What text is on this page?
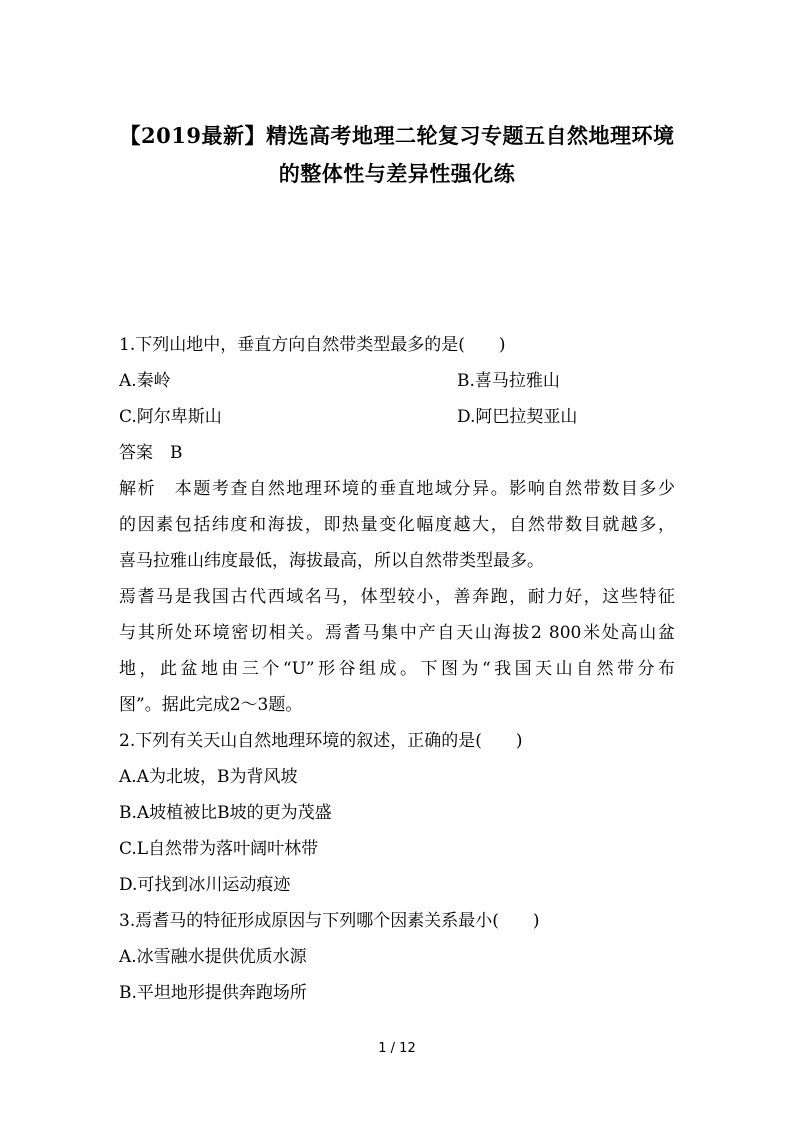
【2019最新】精选高考地理二轮复习专题五自然地理环境
的整体性与差异性强化练
1.下列山地中，垂直方向自然带类型最多的是(　　)
A.秦岭	B.喜马拉雅山
C.阿尔卑斯山	D.阿巴拉契亚山
答案　B
解析　本题考查自然地理环境的垂直地域分异。影响自然带数目多少
的因素包括纬度和海拔，即热量变化幅度越大，自然带数目就越多，
喜马拉雅山纬度最低，海拔最高，所以自然带类型最多。
焉耆马是我国古代西域名马，体型较小，善奔跑，耐力好，这些特征
与其所处环境密切相关。焉耆马集中产自天山海拔2 800米处高山盆
地，此盆地由三个“U”形谷组成。下图为“我国天山自然带分布
图”。据此完成2～3题。
2.下列有关天山自然地理环境的叙述，正确的是(　　)
A.A为北坡，B为背风坡
B.A坡植被比B坡的更为茂盛
C.L自然带为落叶阔叶林带
D.可找到冰川运动痕迹
3.焉耆马的特征形成原因与下列哪个因素关系最小(　　)
A.冰雪融水提供优质水源
B.平坦地形提供奔跑场所
1 / 12
